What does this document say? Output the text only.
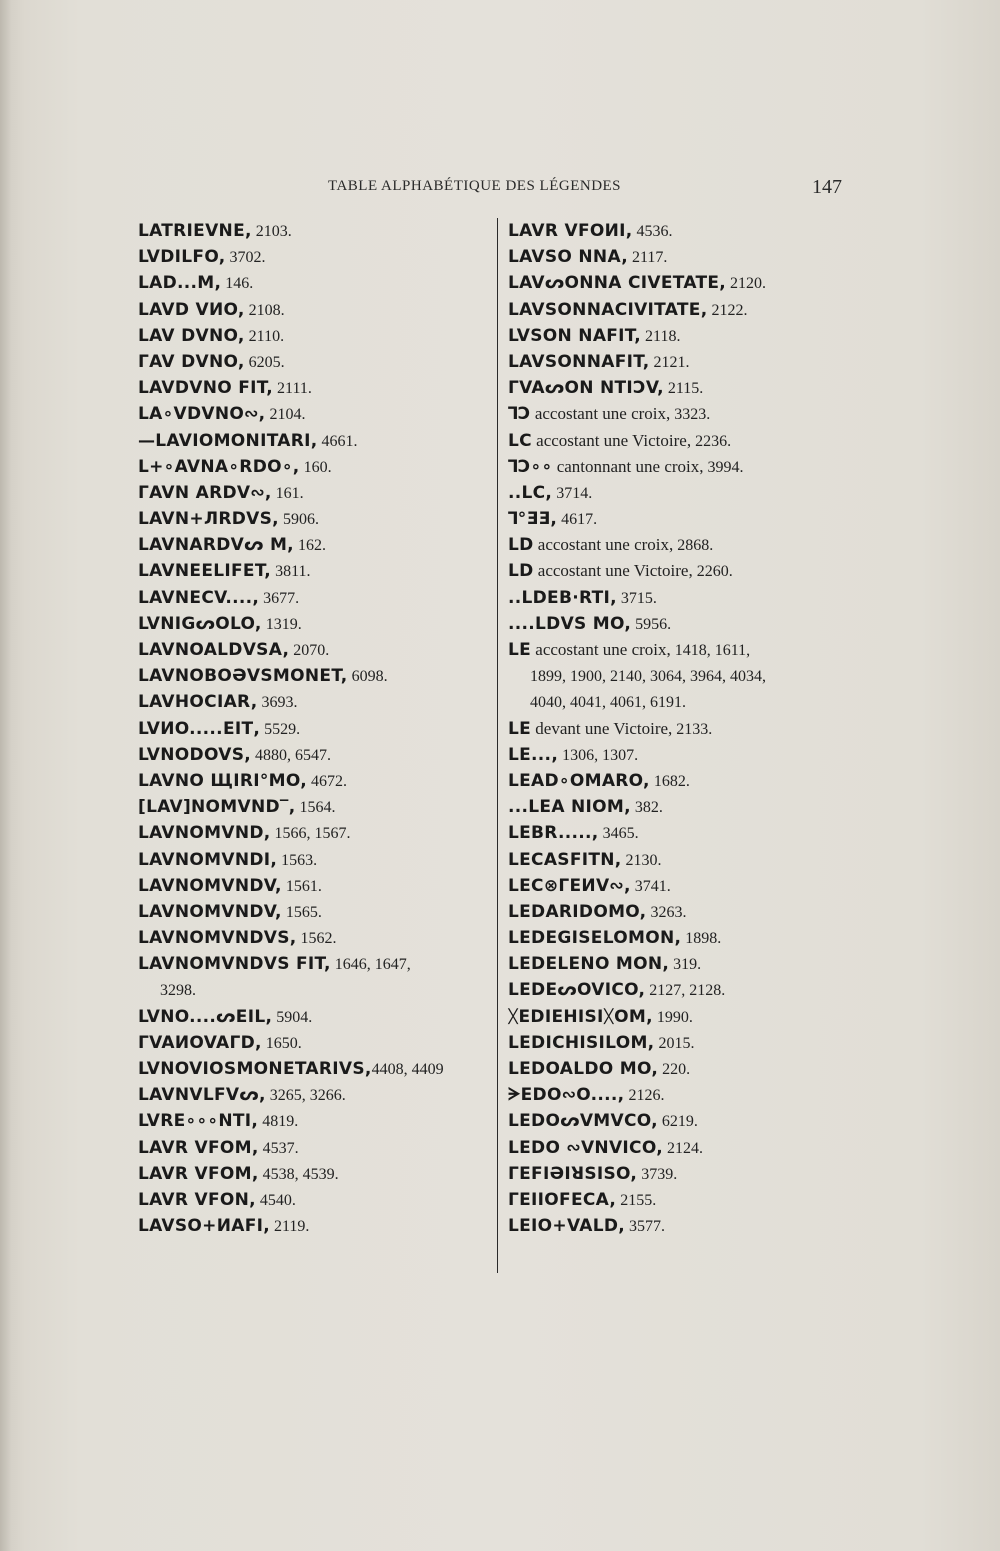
TABLE ALPHABÉTIQUE DES LÉGENDES	147
LATRIEVNE, 2103.
LVDILFO, 3702.
LAD...M, 146.
LAVD VИO, 2108.
LAV DVNO, 2110.
ГAV DVNO, 6205.
LAVDVNO FIT, 2111.
LA∘VDVNO∾, 2104.
—LAVIOMONITARI, 4661.
L+∘AVNA∘RDO∘, 160.
ГAVN ARDV∾, 161.
LAVN+ЛRDVS, 5906.
LAVNARDVᔕ M, 162.
LAVNEELIFET, 3811.
LAVNECV...., 3677.
LVNIGᔕOLO, 1319.
LAVNOALDVSA, 2070.
LAVNOBOƏVSMONET, 6098.
LAVHOCIAR, 3693.
LVИO.....ΕΙΤ, 5529.
LVNODOVS, 4880, 6547.
LAVNO ЩIRI°MO, 4672.
[LAV]NOMVND‾, 1564.
LAVNOMVND, 1566, 1567.
LAVNOMVNDI, 1563.
LAVNOMVNDV, 1561.
LAVNOMVNDV, 1565.
LAVNOMVNDVS, 1562.
LAVNOMVNDVS FIT, 1646, 1647,
3298.
LVNO....ᔕEIL, 5904.
ГVAИOVAГD, 1650.
LVNOVIOSMONETARIVS,4408, 4409
LAVNVLFVᔕ, 3265, 3266.
LVRE∘∘∘NTI, 4819.
LAVR VFOM, 4537.
LAVR VFOM, 4538, 4539.
LAVR VFON, 4540.
LAVSO+ИAFI, 2119.
LAVR VFOИI, 4536.
LAVSO NNA, 2117.
LAVᔕONNA CIVETATE, 2120.
LAVSONNACIVITATE, 2122.
LVSON NAFIT, 2118.
LAVSONNAFIT, 2121.
ГVAᔕON NTIƆV, 2115.
ꓶƆ accostant une croix, 3323.
LC accostant une Victoire, 2236.
ꓶƆ∘∘ cantonnant une croix, 3994.
..LC, 3714.
ꓶ°ƎƎ, 4617.
LD accostant une croix, 2868.
LD accostant une Victoire, 2260.
..LDEB·RTI, 3715.
....LDVS MO, 5956.
LE accostant une croix, 1418, 1611,
1899, 1900, 2140, 3064, 3964, 4034,
4040, 4041, 4061, 6191.
LE devant une Victoire, 2133.
LE..., 1306, 1307.
LEAD∘OMARO, 1682.
...LEA NIOM, 382.
LEBR....., 3465.
LECASFITN, 2130.
LEC⊗ГEИV∾, 3741.
LEDARIDOMO, 3263.
LEDEGISELOMON, 1898.
LEDELENO MON, 319.
LEDEᔕOVICO, 2127, 2128.
ᚷEDIEHISIᚷOM, 1990.
LEDICHISILOM, 2015.
LEDOALDO MO, 220.
ᗒEDO∾O...., 2126.
LEDOᔕVMVCO, 6219.
LEDO ∾VNVICO, 2124.
ГEFIƏIꓤSISO, 3739.
ГEIIOFECA, 2155.
LEIO+VALD, 3577.
